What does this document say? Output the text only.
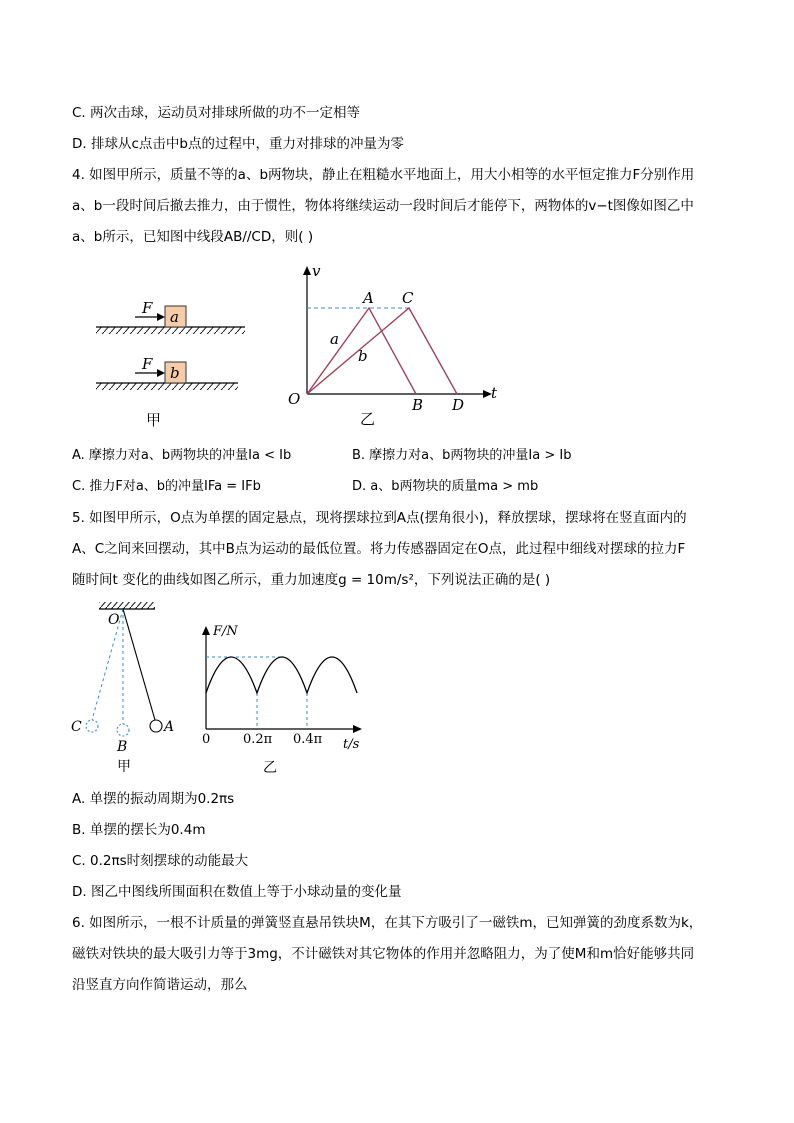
C. 两次击球，运动员对排球所做的功不一定相等
D. 排球从c点击中b点的过程中，重力对排球的冲量为零
4. 如图甲所示，质量不等的a、b两物块，静止在粗糙水平地面上，用大小相等的水平恒定推力F分别作用
a、b一段时间后撤去推力，由于惯性，物体将继续运动一段时间后才能停下，两物体的v−t图像如图乙中
a、b所示，已知图中线段AB//CD，则( )
a
F
b
F
甲
v
t
O
A C
B D
a
b
乙
A. 摩擦力对a、b两物块的冲量Ia < Ib	B. 摩擦力对a、b两物块的冲量Ia > Ib
C. 推力F对a、b的冲量IFa = IFb	D. a、b两物块的质量ma > mb
5. 如图甲所示，O点为单摆的固定悬点，现将摆球拉到A点(摆角很小)，释放摆球，摆球将在竖直面内的
A、C之间来回摆动，其中B点为运动的最低位置。将力传感器固定在O点，此过程中细线对摆球的拉力F
随时间t 变化的曲线如图乙所示，重力加速度g = 10m/s²，下列说法正确的是( )
O
C
B
A
甲
F/N
t/s
0	0.2π 0.4π
乙
A. 单摆的振动周期为0.2πs
B. 单摆的摆长为0.4m
C. 0.2πs时刻摆球的动能最大
D. 图乙中图线所围面积在数值上等于小球动量的变化量
6. 如图所示，一根不计质量的弹簧竖直悬吊铁块M，在其下方吸引了一磁铁m，已知弹簧的劲度系数为k，
磁铁对铁块的最大吸引力等于3mg，不计磁铁对其它物体的作用并忽略阻力，为了使M和m恰好能够共同
沿竖直方向作简谐运动，那么
